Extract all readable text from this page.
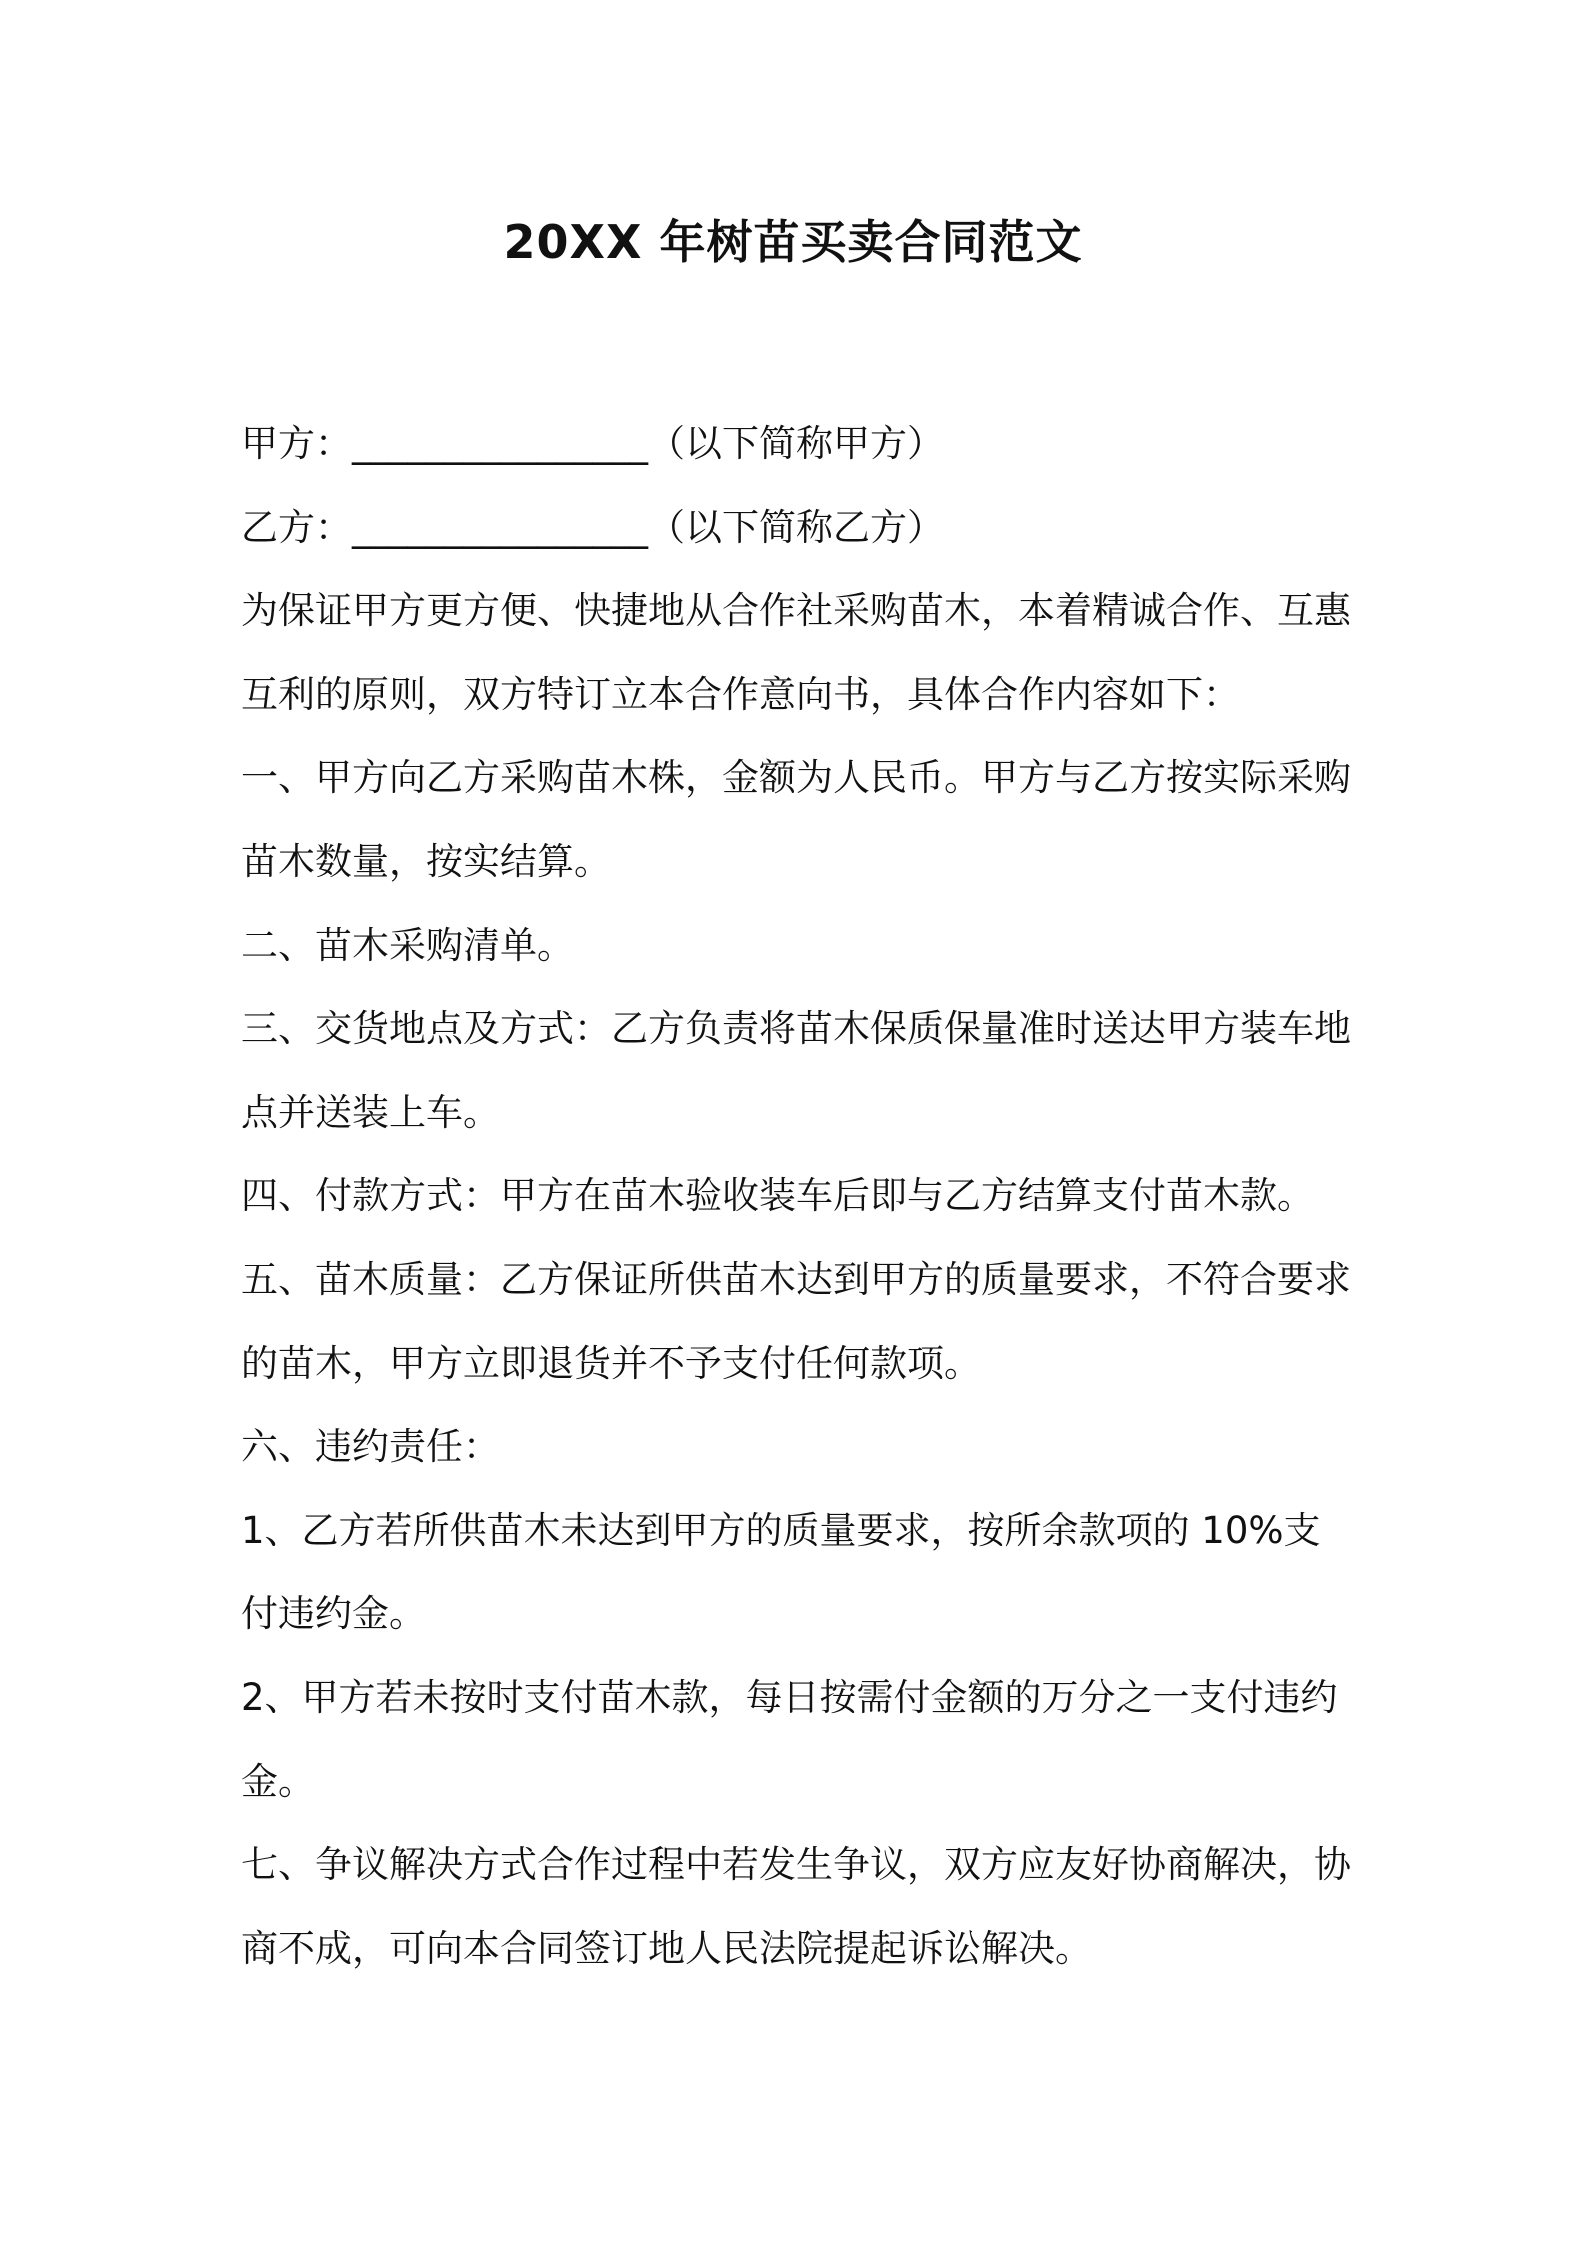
20XX 年树苗买卖合同范文

甲方：________________（以下简称甲方）

乙方：________________（以下简称乙方）

为保证甲方更方便、快捷地从合作社采购苗木，本着精诚合作、互惠互利的原则，双方特订立本合作意向书，具体合作内容如下：

一、甲方向乙方采购苗木株，金额为人民币。甲方与乙方按实际采购苗木数量，按实结算。

二、苗木采购清单。

三、交货地点及方式：乙方负责将苗木保质保量准时送达甲方装车地点并送装上车。

四、付款方式：甲方在苗木验收装车后即与乙方结算支付苗木款。

五、苗木质量：乙方保证所供苗木达到甲方的质量要求，不符合要求的苗木，甲方立即退货并不予支付任何款项。

六、违约责任：

1、乙方若所供苗木未达到甲方的质量要求，按所余款项的 10%支付违约金。

2、甲方若未按时支付苗木款，每日按需付金额的万分之一支付违约金。

七、争议解决方式合作过程中若发生争议，双方应友好协商解决，协商不成，可向本合同签订地人民法院提起诉讼解决。
